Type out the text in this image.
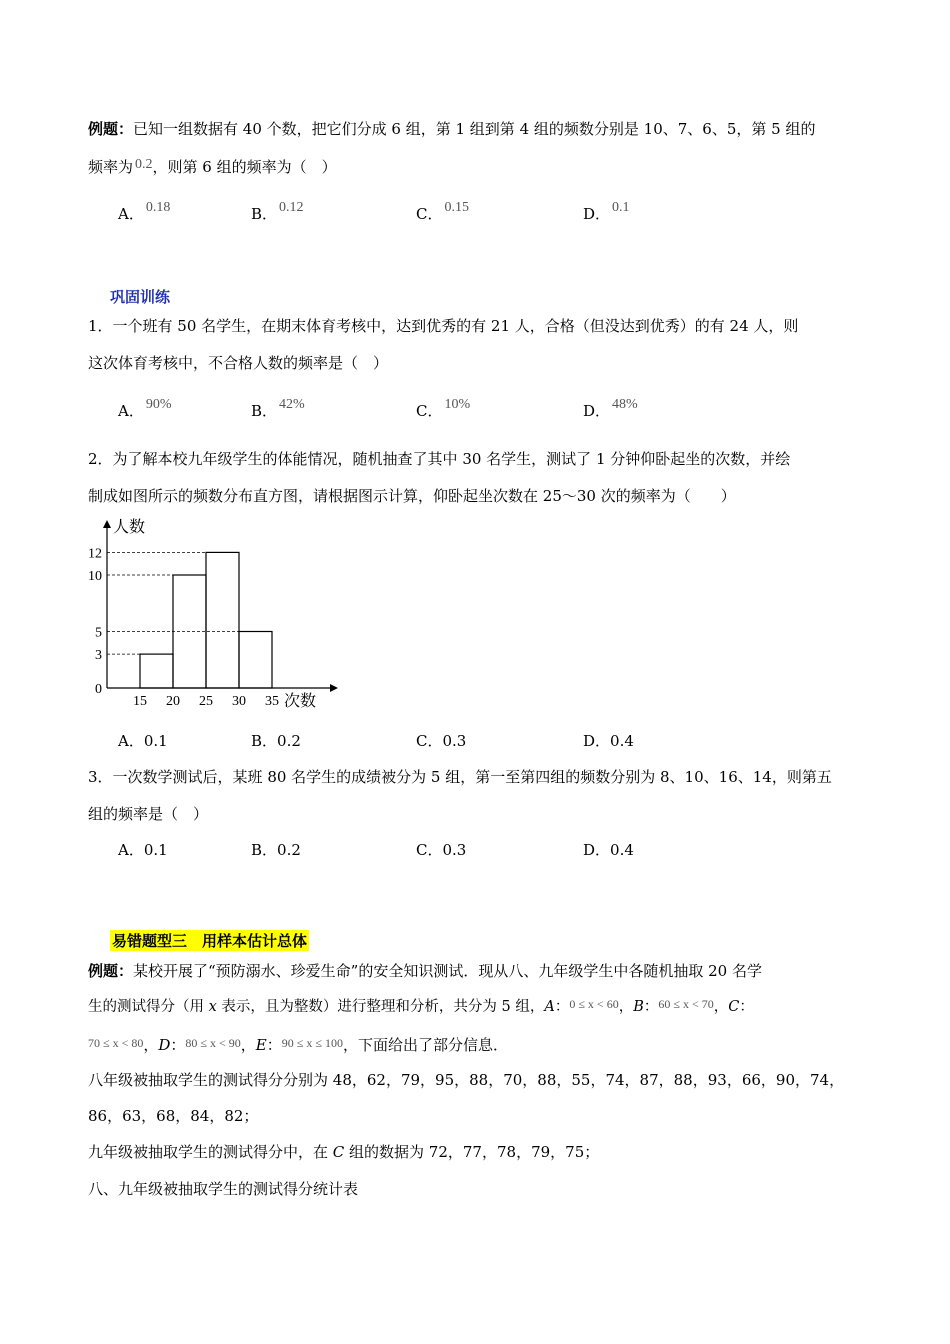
例题：已知一组数据有 40 个数，把它们分成 6 组，第 1 组到第 4 组的频数分别是 10、7、6、5，第 5 组的
频率为 0.2，则第 6 组的频率为（　）
A． 0.18	B． 0.12	C． 0.15	D． 0.1
巩固训练
1．一个班有 50 名学生，在期末体育考核中，达到优秀的有 21 人，合格（但没达到优秀）的有 24 人，则
这次体育考核中，不合格人数的频率是（　）
A． 90%	B． 42%	C． 10%	D． 48%
2．为了解本校九年级学生的体能情况，随机抽查了其中 30 名学生，测试了 1 分钟仰卧起坐的次数，并绘
制成如图所示的频数分布直方图，请根据图示计算，仰卧起坐次数在 25～30 次的频率为（　　）
0
3
5
10
12
15 20 25 30 35
人数
次数
A．0.1	B．0.2	C．0.3	D．0.4
3．一次数学测试后，某班 80 名学生的成绩被分为 5 组，第一至第四组的频数分别为 8、10、16、14，则第五
组的频率是（　）
A．0.1	B．0.2	C．0.3	D．0.4
易错题型三　用样本估计总体
例题：某校开展了“预防溺水、珍爱生命”的安全知识测试．现从八、九年级学生中各随机抽取 20 名学
生的测试得分（用 x 表示，且为整数）进行整理和分析，共分为 5 组，A：$^{0 \le x < 60}$，B：$^{60 \le x < 70}$，C：
$^{70 \le x < 80}$，D：$^{80 \le x < 90}$，E：$^{90 \le x \le 100}$，下面给出了部分信息．
八年级被抽取学生的测试得分分别为 48，62，79，95，88，70，88，55，74，87，88，93，66，90，74，
86，63，68，84，82；
九年级被抽取学生的测试得分中，在 C 组的数据为 72，77，78，79，75；
八、九年级被抽取学生的测试得分统计表
